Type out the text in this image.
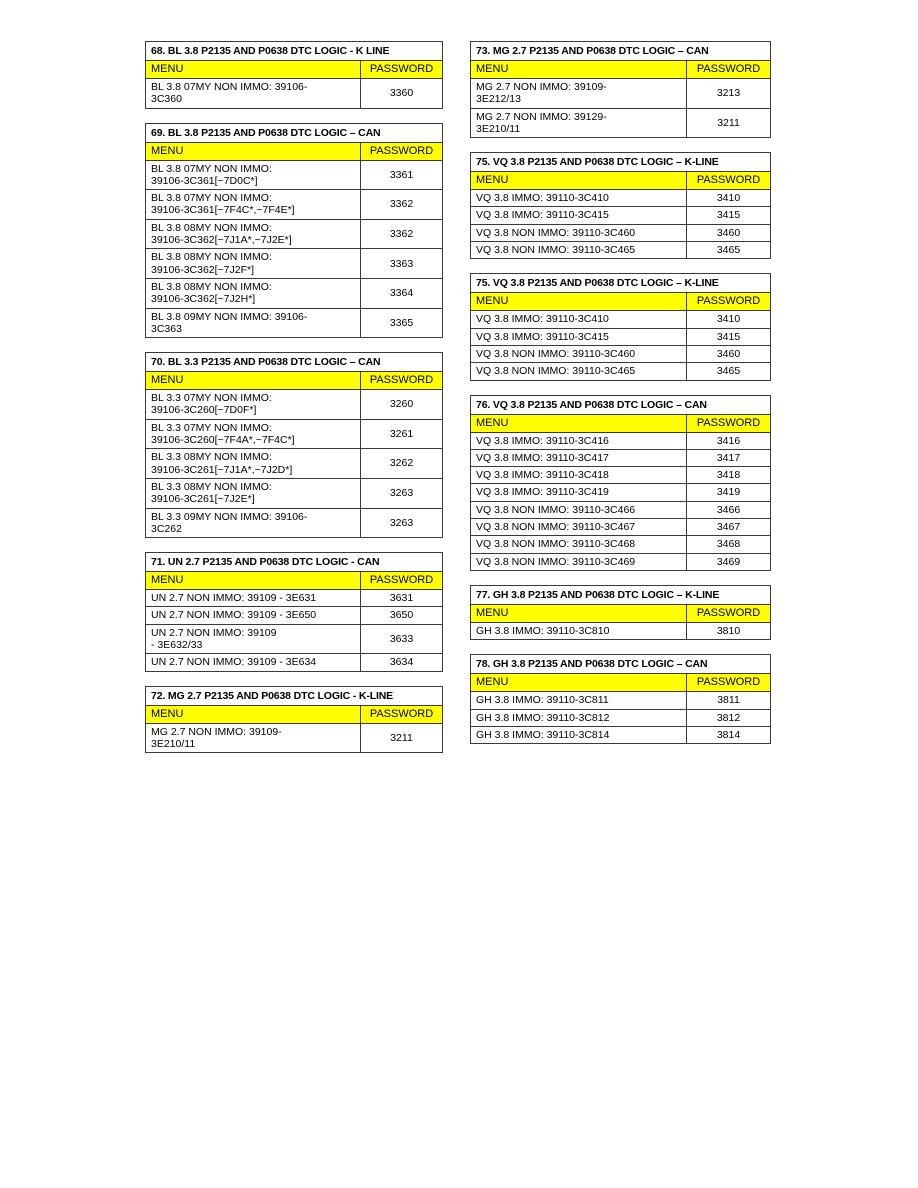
68. BL 3.8 P2135 AND P0638 DTC LOGIC - K LINE	
MENU	PASSWORD

BL 3.8 07MY NON IMMO: 39106-
3C360	3360
69. BL 3.8 P2135 AND P0638 DTC LOGIC – CAN	
MENU	PASSWORD

BL 3.8 07MY NON IMMO:
39106-3C361[~7D0C*]	3361

BL 3.8 07MY NON IMMO:
39106-3C361[~7F4C*,~7F4E*]	3362

BL 3.8 08MY NON IMMO:
39106-3C362[~7J1A*,~7J2E*]	3362

BL 3.8 08MY NON IMMO:
39106-3C362[~7J2F*]	3363

BL 3.8 08MY NON IMMO:
39106-3C362[~7J2H*]	3364

BL 3.8 09MY NON IMMO: 39106-
3C363	3365
70. BL 3.3 P2135 AND P0638 DTC LOGIC – CAN	
MENU	PASSWORD

BL 3.3 07MY NON IMMO:
39106-3C260[~7D0F*]	3260

BL 3.3 07MY NON IMMO:
39106-3C260[~7F4A*,~7F4C*]	3261

BL 3.3 08MY NON IMMO:
39106-3C261[~7J1A*,~7J2D*]	3262

BL 3.3 08MY NON IMMO:
39106-3C261[~7J2E*]	3263

BL 3.3 09MY NON IMMO: 39106-
3C262	3263
71. UN 2.7 P2135 AND P0638 DTC LOGIC - CAN	
MENU	PASSWORD

UN 2.7 NON IMMO: 39109 - 3E631	3631

UN 2.7 NON IMMO: 39109 - 3E650	3650

UN 2.7 NON IMMO: 39109
- 3E632/33	3633

UN 2.7 NON IMMO: 39109 - 3E634	3634
72. MG 2.7 P2135 AND P0638 DTC LOGIC - K-LINE	
MENU	PASSWORD

MG 2.7 NON IMMO: 39109-
3E210/11	3211
73. MG 2.7 P2135 AND P0638 DTC LOGIC – CAN	
MENU	PASSWORD

MG 2.7 NON IMMO: 39109-
3E212/13	3213

MG 2.7 NON IMMO: 39129-
3E210/11	3211
75. VQ 3.8 P2135 AND P0638 DTC LOGIC – K-LINE	
MENU	PASSWORD

VQ 3.8 IMMO: 39110-3C410	3410

VQ 3.8 IMMO: 39110-3C415	3415

VQ 3.8 NON IMMO: 39110-3C460	3460

VQ 3.8 NON IMMO: 39110-3C465	3465
75. VQ 3.8 P2135 AND P0638 DTC LOGIC – K-LINE	
MENU	PASSWORD

VQ 3.8 IMMO: 39110-3C410	3410

VQ 3.8 IMMO: 39110-3C415	3415

VQ 3.8 NON IMMO: 39110-3C460	3460

VQ 3.8 NON IMMO: 39110-3C465	3465
76. VQ 3.8 P2135 AND P0638 DTC LOGIC – CAN	
MENU	PASSWORD

VQ 3.8 IMMO: 39110-3C416	3416

VQ 3.8 IMMO: 39110-3C417	3417

VQ 3.8 IMMO: 39110-3C418	3418

VQ 3.8 IMMO: 39110-3C419	3419

VQ 3.8 NON IMMO: 39110-3C466	3466

VQ 3.8 NON IMMO: 39110-3C467	3467

VQ 3.8 NON IMMO: 39110-3C468	3468

VQ 3.8 NON IMMO: 39110-3C469	3469
77. GH 3.8 P2135 AND P0638 DTC LOGIC – K-LINE	
MENU	PASSWORD

GH 3.8 IMMO: 39110-3C810	3810
78. GH 3.8 P2135 AND P0638 DTC LOGIC – CAN	
MENU	PASSWORD

GH 3.8 IMMO: 39110-3C811	3811

GH 3.8 IMMO: 39110-3C812	3812

GH 3.8 IMMO: 39110-3C814	3814
